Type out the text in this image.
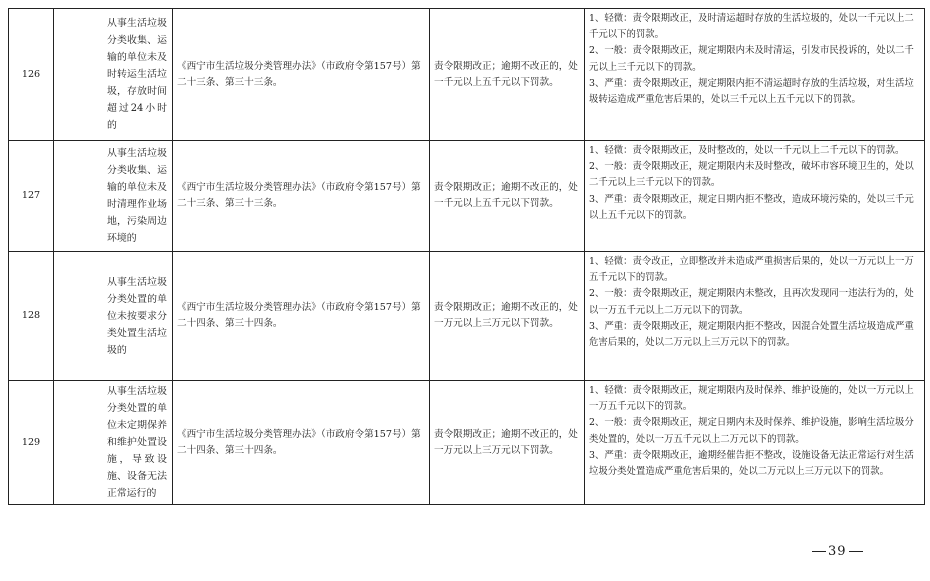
126	从事生活垃圾分类收集、运输的单位未及时转运生活垃圾，存放时间超过24小时的	《西宁市生活垃圾分类管理办法》（市政府令第157号）第二十三条、第三十三条。	责令限期改正；逾期不改正的，处一千元以上五千元以下罚款。	1、轻微：责令限期改正，及时清运超时存放的生活垃圾的，处以一千元以上二千元以下的罚款。
2、一般：责令限期改正，规定期限内未及时清运，引发市民投诉的，处以二千元以上三千元以下的罚款。
3、严重：责令限期改正，规定期限内拒不清运超时存放的生活垃圾，对生活垃圾转运造成严重危害后果的，处以三千元以上五千元以下的罚款。

127	从事生活垃圾分类收集、运输的单位未及时清理作业场地，污染周边环境的	《西宁市生活垃圾分类管理办法》（市政府令第157号）第二十三条、第三十三条。	责令限期改正；逾期不改正的，处一千元以上五千元以下罚款。	1、轻微：责令限期改正，及时整改的，处以一千元以上二千元以下的罚款。
2、一般：责令限期改正，规定期限内未及时整改，破坏市容环境卫生的，处以二千元以上三千元以下的罚款。
3、严重：责令限期改正，规定日期内拒不整改，造成环境污染的，处以三千元以上五千元以下的罚款。

128	从事生活垃圾分类处置的单位未按要求分类处置生活垃圾的	《西宁市生活垃圾分类管理办法》（市政府令第157号）第二十四条、第三十四条。	责令限期改正；逾期不改正的，处一万元以上三万元以下罚款。	1、轻微：责令改正，立即整改并未造成严重损害后果的，处以一万元以上一万五千元以下的罚款。
2、一般：责令限期改正，规定期限内未整改，且再次发现同一违法行为的，处以一万五千元以上二万元以下的罚款。
3、严重：责令限期改正，规定期限内拒不整改，因混合处置生活垃圾造成严重危害后果的，处以二万元以上三万元以下的罚款。

129	从事生活垃圾分类处置的单位未定期保养和维护处置设施，导致设施、设备无法正常运行的	《西宁市生活垃圾分类管理办法》（市政府令第157号）第二十四条、第三十四条。	责令限期改正；逾期不改正的，处一万元以上三万元以下罚款。	1、轻微：责令限期改正，规定期限内及时保养、维护设施的，处以一万元以上一万五千元以下的罚款。
2、一般：责令限期改正，规定日期内未及时保养、维护设施，影响生活垃圾分类处置的，处以一万五千元以上二万元以下的罚款。
3、严重：责令限期改正，逾期经催告拒不整改，设施设备无法正常运行对生活垃圾分类处置造成严重危害后果的，处以二万元以上三万元以下的罚款。
39
